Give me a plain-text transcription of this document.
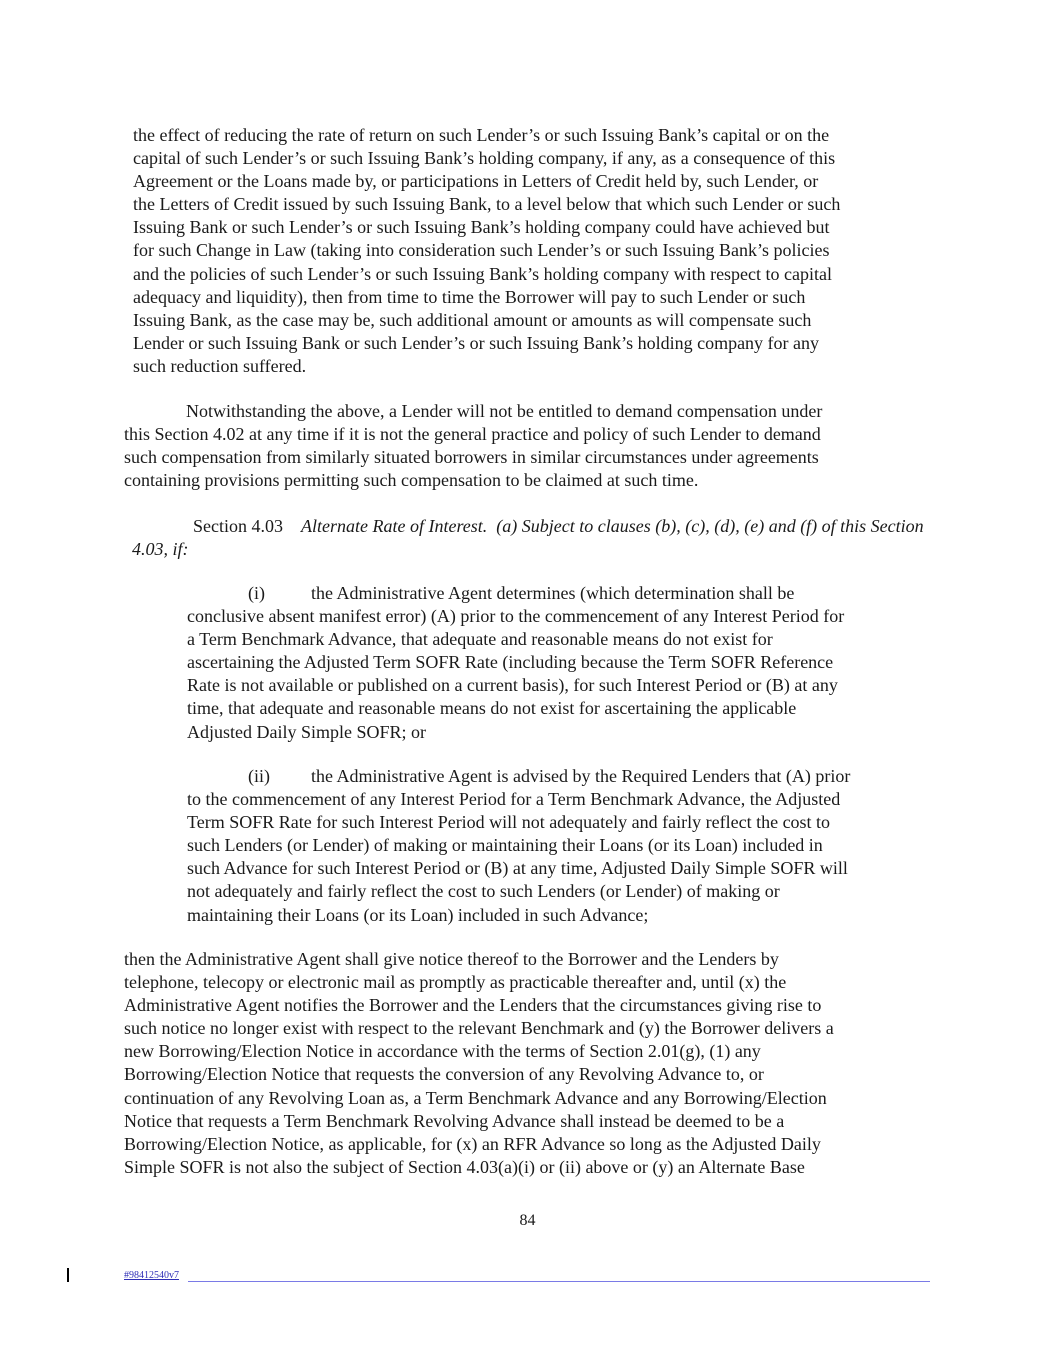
the effect of reducing the rate of return on such Lender’s or such Issuing Bank’s capital or on the
capital of such Lender’s or such Issuing Bank’s holding company, if any, as a consequence of this
Agreement or the Loans made by, or participations in Letters of Credit held by, such Lender, or
the Letters of Credit issued by such Issuing Bank, to a level below that which such Lender or such
Issuing Bank or such Lender’s or such Issuing Bank’s holding company could have achieved but
for such Change in Law (taking into consideration such Lender’s or such Issuing Bank’s policies
and the policies of such Lender’s or such Issuing Bank’s holding company with respect to capital
adequacy and liquidity), then from time to time the Borrower will pay to such Lender or such
Issuing Bank, as the case may be, such additional amount or amounts as will compensate such
Lender or such Issuing Bank or such Lender’s or such Issuing Bank’s holding company for any
such reduction suffered.

Notwithstanding the above, a Lender will not be entitled to demand compensation under
this Section 4.02 at any time if it is not the general practice and policy of such Lender to demand
such compensation from similarly situated borrowers in similar circumstances under agreements
containing provisions permitting such compensation to be claimed at such time.

Section 4.03 Alternate Rate of Interest. (a) Subject to clauses (b), (c), (d), (e) and (f) of this Section
4.03, if:

(i)	the Administrative Agent determines (which determination shall be
conclusive absent manifest error) (A) prior to the commencement of any Interest Period for
a Term Benchmark Advance, that adequate and reasonable means do not exist for
ascertaining the Adjusted Term SOFR Rate (including because the Term SOFR Reference
Rate is not available or published on a current basis), for such Interest Period or (B) at any
time, that adequate and reasonable means do not exist for ascertaining the applicable
Adjusted Daily Simple SOFR; or

(ii) the Administrative Agent is advised by the Required Lenders that (A) prior
to the commencement of any Interest Period for a Term Benchmark Advance, the Adjusted
Term SOFR Rate for such Interest Period will not adequately and fairly reflect the cost to
such Lenders (or Lender) of making or maintaining their Loans (or its Loan) included in
such Advance for such Interest Period or (B) at any time, Adjusted Daily Simple SOFR will
not adequately and fairly reflect the cost to such Lenders (or Lender) of making or
maintaining their Loans (or its Loan) included in such Advance;

then the Administrative Agent shall give notice thereof to the Borrower and the Lenders by
telephone, telecopy or electronic mail as promptly as practicable thereafter and, until (x) the
Administrative Agent notifies the Borrower and the Lenders that the circumstances giving rise to
such notice no longer exist with respect to the relevant Benchmark and (y) the Borrower delivers a
new Borrowing/Election Notice in accordance with the terms of Section 2.01(g), (1) any
Borrowing/Election Notice that requests the conversion of any Revolving Advance to, or
continuation of any Revolving Loan as, a Term Benchmark Advance and any Borrowing/Election
Notice that requests a Term Benchmark Revolving Advance shall instead be deemed to be a
Borrowing/Election Notice, as applicable, for (x) an RFR Advance so long as the Adjusted Daily
Simple SOFR is not also the subject of Section 4.03(a)(i) or (ii) above or (y) an Alternate Base

84
#98412540v7
